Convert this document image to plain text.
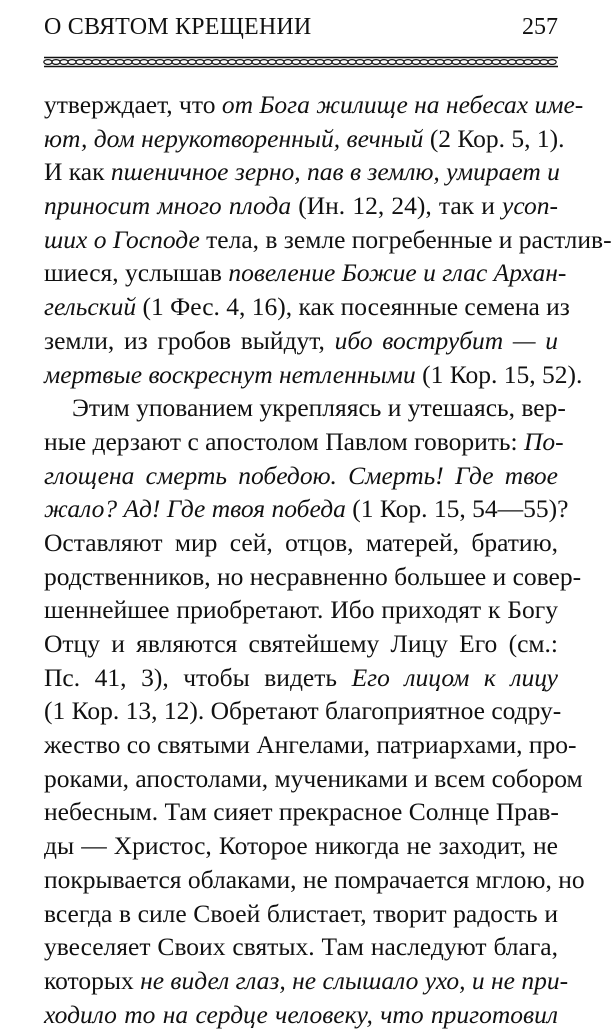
О СВЯТОМ КРЕЩЕНИИ	257
утверждает, что от Бога жилище на небесах име-
ют, дом нерукотворенный, вечный (2 Кор. 5, 1).
И как пшеничное зерно, пав в землю, умирает и
приносит много плода (Ин. 12, 24), так и усоп-
ших о Господе тела, в земле погребенные и растлив-
шиеся, услышав повеление Божие и глас Архан-
гельский (1 Фес. 4, 16), как посеянные семена из
земли, из гробов выйдут, ибо вострубит — и
мертвые воскреснут нетленными (1 Кор. 15, 52).
Этим упованием укрепляясь и утешаясь, вер-
ные дерзают с апостолом Павлом говорить: По-
глощена смерть победою. Смерть! Где твое
жало? Ад! Где твоя победа (1 Кор. 15, 54—55)?
Оставляют мир сей, отцов, матерей, братию,
родственников, но несравненно большее и совер-
шеннейшее приобретают. Ибо приходят к Богу
Отцу и являются святейшему Лицу Его (см.:
Пс. 41, 3), чтобы видеть Его лицом к лицу
(1 Кор. 13, 12). Обретают благоприятное содру-
жество со святыми Ангелами, патриархами, про-
роками, апостолами, мучениками и всем собором
небесным. Там сияет прекрасное Солнце Прав-
ды — Христос, Которое никогда не заходит, не
покрывается облаками, не помрачается мглою, но
всегда в силе Своей блистает, творит радость и
увеселяет Своих святых. Там наследуют блага,
которых не видел глаз, не слышало ухо, и не при-
ходило то на сердце человеку, что приготовил
